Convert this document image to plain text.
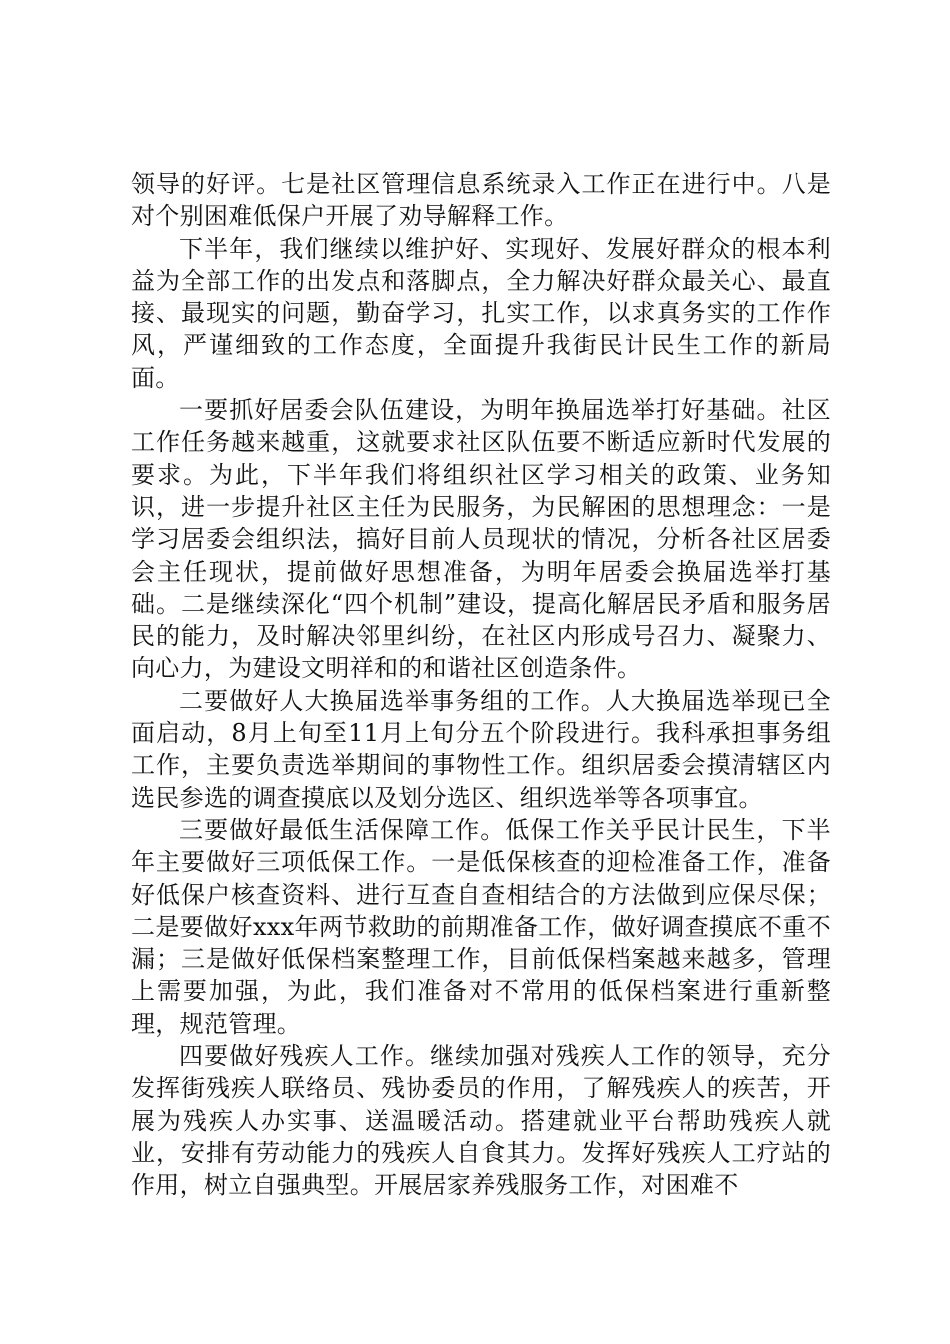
领导的好评。七是社区管理信息系统录入工作正在进行中。八是对个别困难低保户开展了劝导解释工作。

下半年，我们继续以维护好、实现好、发展好群众的根本利益为全部工作的出发点和落脚点，全力解决好群众最关心、最直接、最现实的问题，勤奋学习，扎实工作，以求真务实的工作作风，严谨细致的工作态度，全面提升我街民计民生工作的新局面。

一要抓好居委会队伍建设，为明年换届选举打好基础。社区工作任务越来越重，这就要求社区队伍要不断适应新时代发展的要求。为此，下半年我们将组织社区学习相关的政策、业务知识，进一步提升社区主任为民服务，为民解困的思想理念：一是学习居委会组织法，搞好目前人员现状的情况，分析各社区居委会主任现状，提前做好思想准备，为明年居委会换届选举打基础。二是继续深化“四个机制”建设，提高化解居民矛盾和服务居民的能力，及时解决邻里纠纷，在社区内形成号召力、凝聚力、向心力，为建设文明祥和的和谐社区创造条件。

二要做好人大换届选举事务组的工作。人大换届选举现已全面启动，8月上旬至11月上旬分五个阶段进行。我科承担事务组工作，主要负责选举期间的事物性工作。组织居委会摸清辖区内选民参选的调查摸底以及划分选区、组织选举等各项事宜。

三要做好最低生活保障工作。低保工作关乎民计民生，下半年主要做好三项低保工作。一是低保核查的迎检准备工作，准备好低保户核查资料、进行互查自查相结合的方法做到应保尽保；二是要做好xxx年两节救助的前期准备工作，做好调查摸底不重不漏；三是做好低保档案整理工作，目前低保档案越来越多，管理上需要加强，为此，我们准备对不常用的低保档案进行重新整理，规范管理。

四要做好残疾人工作。继续加强对残疾人工作的领导，充分发挥街残疾人联络员、残协委员的作用，了解残疾人的疾苦，开展为残疾人办实事、送温暖活动。搭建就业平台帮助残疾人就业，安排有劳动能力的残疾人自食其力。发挥好残疾人工疗站的作用，树立自强典型。开展居家养残服务工作，对困难不
